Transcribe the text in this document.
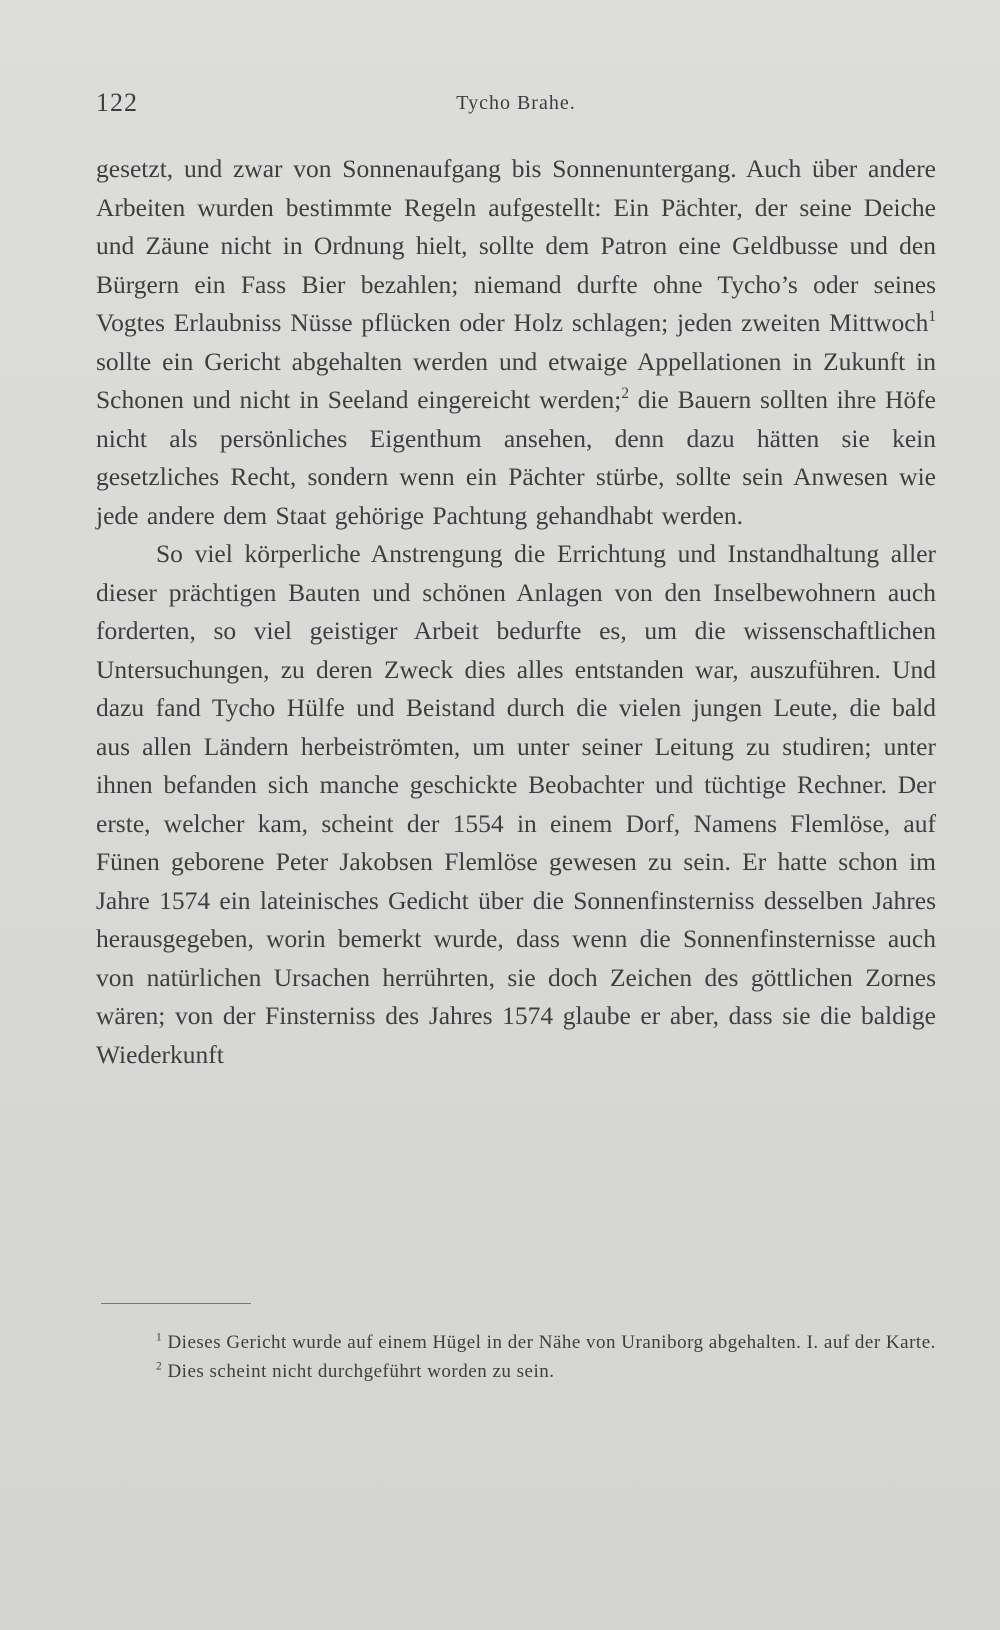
122	Tycho Brahe.

gesetzt, und zwar von Sonnenaufgang bis Sonnenuntergang. Auch über andere Arbeiten wurden bestimmte Regeln aufgestellt: Ein Pächter, der seine Deiche und Zäune nicht in Ordnung hielt, sollte dem Patron eine Geldbusse und den Bürgern ein Fass Bier bezahlen; niemand durfte ohne Tycho’s oder seines Vogtes Erlaubniss Nüsse pflücken oder Holz schlagen; jeden zweiten Mittwoch$^1$ sollte ein Gericht abgehalten werden und etwaige Appellationen in Zukunft in Schonen und nicht in Seeland eingereicht werden;$^2$ die Bauern sollten ihre Höfe nicht als persönliches Eigenthum ansehen, denn dazu hätten sie kein gesetzliches Recht, sondern wenn ein Pächter stürbe, sollte sein Anwesen wie jede andere dem Staat gehörige Pachtung gehandhabt werden.

So viel körperliche Anstrengung die Errichtung und Instandhaltung aller dieser prächtigen Bauten und schönen Anlagen von den Inselbewohnern auch forderten, so viel geistiger Arbeit bedurfte es, um die wissenschaftlichen Untersuchungen, zu deren Zweck dies alles entstanden war, auszuführen. Und dazu fand Tycho Hülfe und Beistand durch die vielen jungen Leute, die bald aus allen Ländern herbeiströmten, um unter seiner Leitung zu studiren; unter ihnen befanden sich manche geschickte Beobachter und tüchtige Rechner. Der erste, welcher kam, scheint der 1554 in einem Dorf, Namens Flemlöse, auf Fünen geborene Peter Jakobsen Flemlöse gewesen zu sein. Er hatte schon im Jahre 1574 ein lateinisches Gedicht über die Sonnenfinsterniss desselben Jahres herausgegeben, worin bemerkt wurde, dass wenn die Sonnenfinsternisse auch von natürlichen Ursachen herrührten, sie doch Zeichen des göttlichen Zornes wären; von der Finsterniss des Jahres 1574 glaube er aber, dass sie die baldige Wiederkunft

$^1$ Dieses Gericht wurde auf einem Hügel in der Nähe von Uraniborg abgehalten. I. auf der Karte.

$^2$ Dies scheint nicht durchgeführt worden zu sein.
